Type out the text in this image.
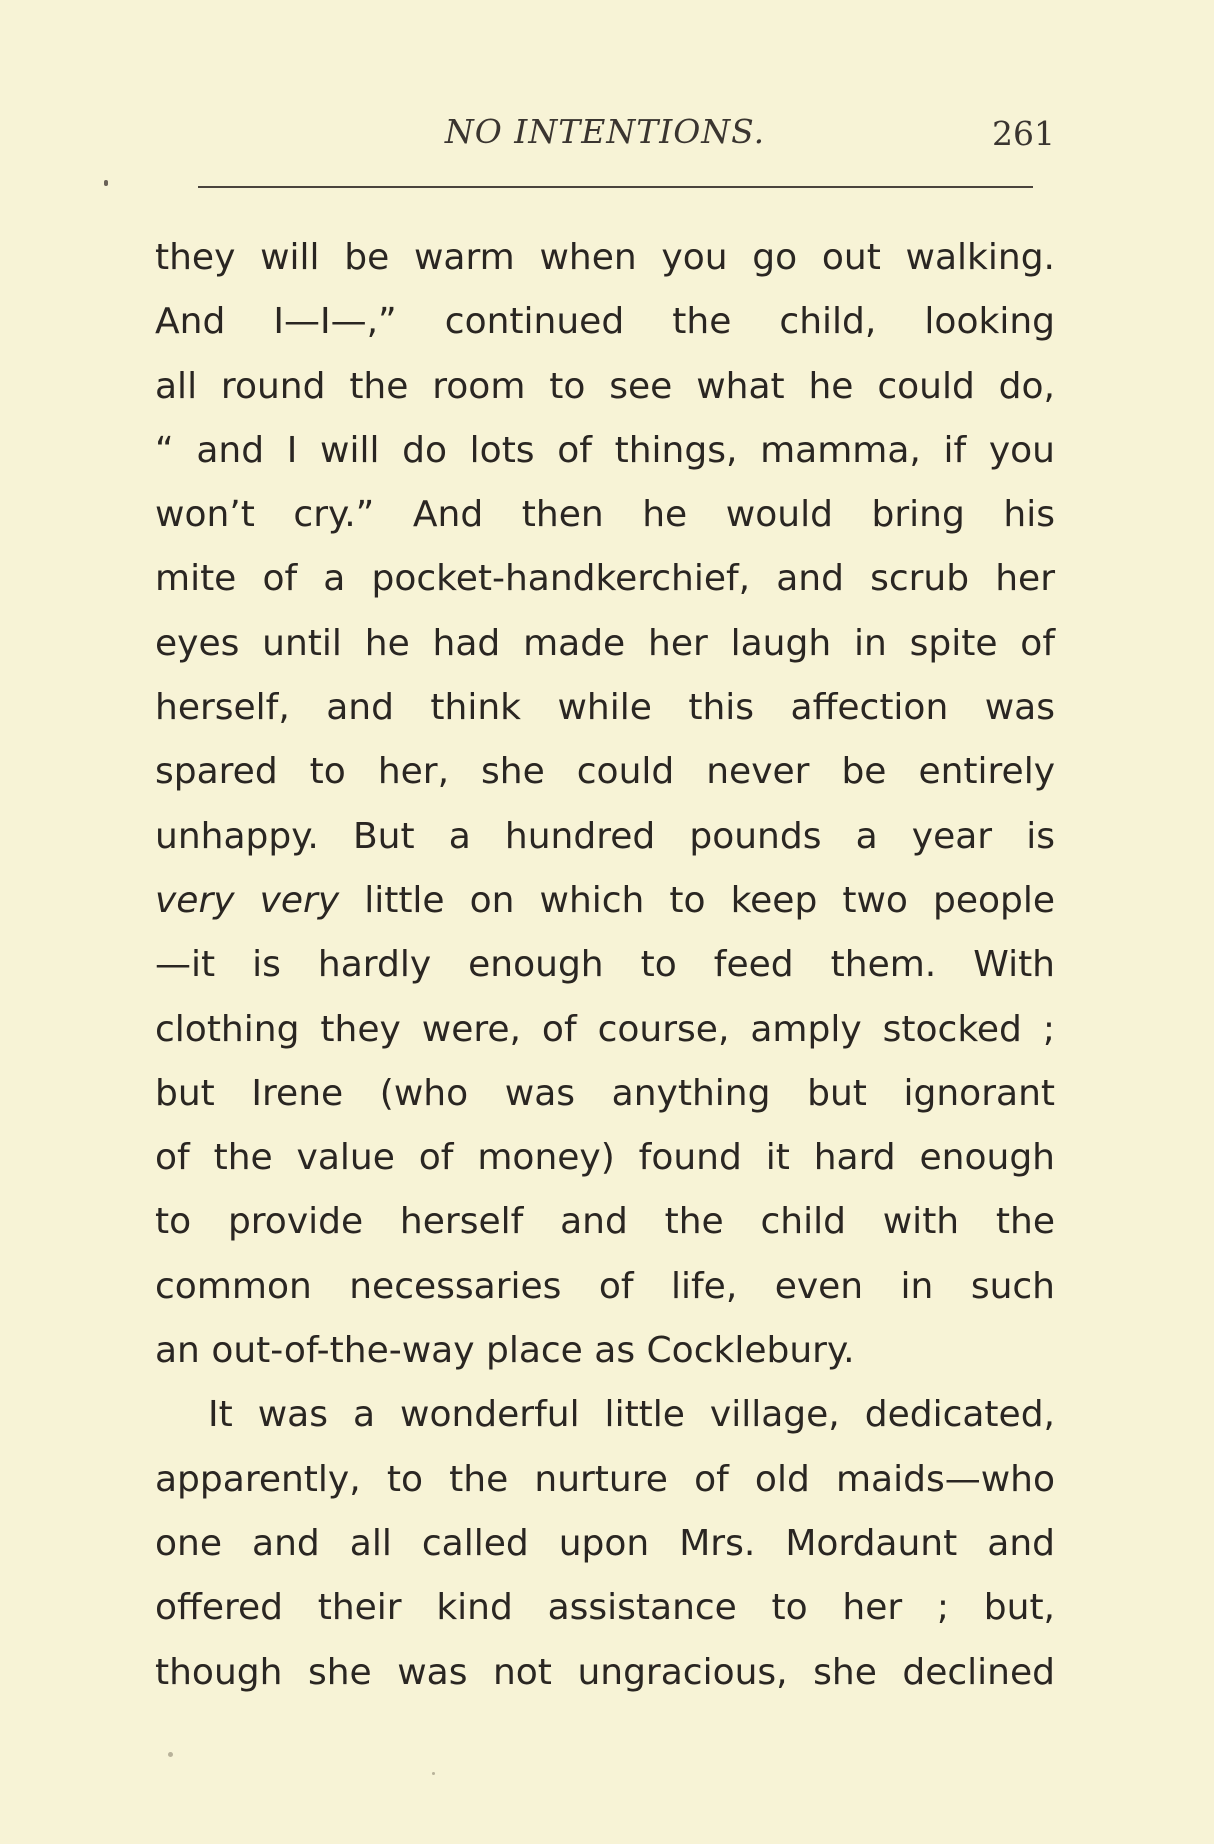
NO INTENTIONS.	261
they will be warm when you go out walking.
And I—I—,” continued the child, looking
all round the room to see what he could do,
“ and I will do lots of things, mamma, if you
won’t cry.” And then he would bring his
mite of a pocket-handkerchief, and scrub her
eyes until he had made her laugh in spite of
herself, and think while this affection was
spared to her, she could never be entirely
unhappy. But a hundred pounds a year is
very very little on which to keep two people
—it is hardly enough to feed them. With
clothing they were, of course, amply stocked ;
but Irene (who was anything but ignorant
of the value of money) found it hard enough
to provide herself and the child with the
common necessaries of life, even in such
an out-of-the-way place as Cocklebury.
It was a wonderful little village, dedicated,
apparently, to the nurture of old maids—who
one and all called upon Mrs. Mordaunt and
offered their kind assistance to her ; but,
though she was not ungracious, she declined
